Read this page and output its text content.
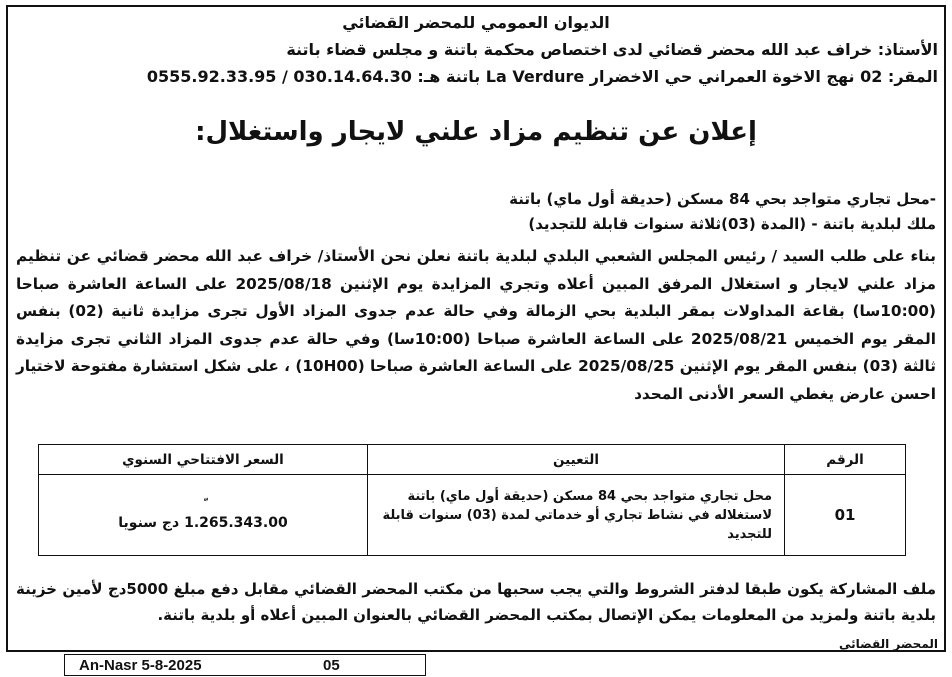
الديوان العمومي للمحضر القضائي
الأستاذ: خراف عبد الله محضر قضائي لدى اختصاص محكمة باتنة و مجلس قضاء باتنة
المقر: 02 نهج الاخوة العمراني حي الاخضرار La Verdure باتنة هـ: 030.14.64.30 / 0555.92.33.95
إعلان عن تنظيم مزاد علني لايجار واستغلال:
-محل تجاري متواجد بحي 84 مسكن (حديقة أول ماي) باتنة
ملك لبلدية باتنة - (المدة (03)ثلاثة سنوات قابلة للتجديد)
بناء على طلب السيد / رئيس المجلس الشعبي البلدي لبلدية باتنة نعلن نحن الأستاذ/ خراف عبد الله محضر قضائي عن تنظيم مزاد علني لايجار و استغلال المرفق المبين أعلاه وتجري المزايدة يوم الإثنين 2025/08/18 على الساعة العاشرة صباحا (10:00سا) بقاعة المداولات بمقر البلدية بحي الزمالة وفي حالة عدم جدوى المزاد الأول تجرى مزايدة ثانية (02) بنفس المقر يوم الخميس 2025/08/21 على الساعة العاشرة صباحا (10:00سا) وفي حالة عدم جدوى المزاد الثاني تجرى مزايدة ثالثة (03) بنفس المقر يوم الإثنين 2025/08/25 على الساعة العاشرة صباحا (10H00) ، على شكل استشارة مفتوحة لاختيار احسن عارض يغطي السعر الأدنى المحدد
الرقم	التعيين	السعر الافتتاحي السنوي
01	محل تجاري متواجد بحي 84 مسكن (حديقة أول ماي) باتنة لاستغلاله في نشاط تجاري أو خدماتي لمدة (03) سنوات قابلة للتجديد	1.265.343.00 دج سنويا
ملف المشاركة يكون طبقا لدفتر الشروط والتي يجب سحبها من مكتب المحضر القضائي مقابل دفع مبلغ 5000دج لأمين خزينة بلدية باتنة ولمزيد من المعلومات يمكن الإتصال بمكتب المحضر القضائي بالعنوان المبين أعلاه أو بلدية باتنة.
المحضر القضائي
An-Nasr 5-8-2025	05
